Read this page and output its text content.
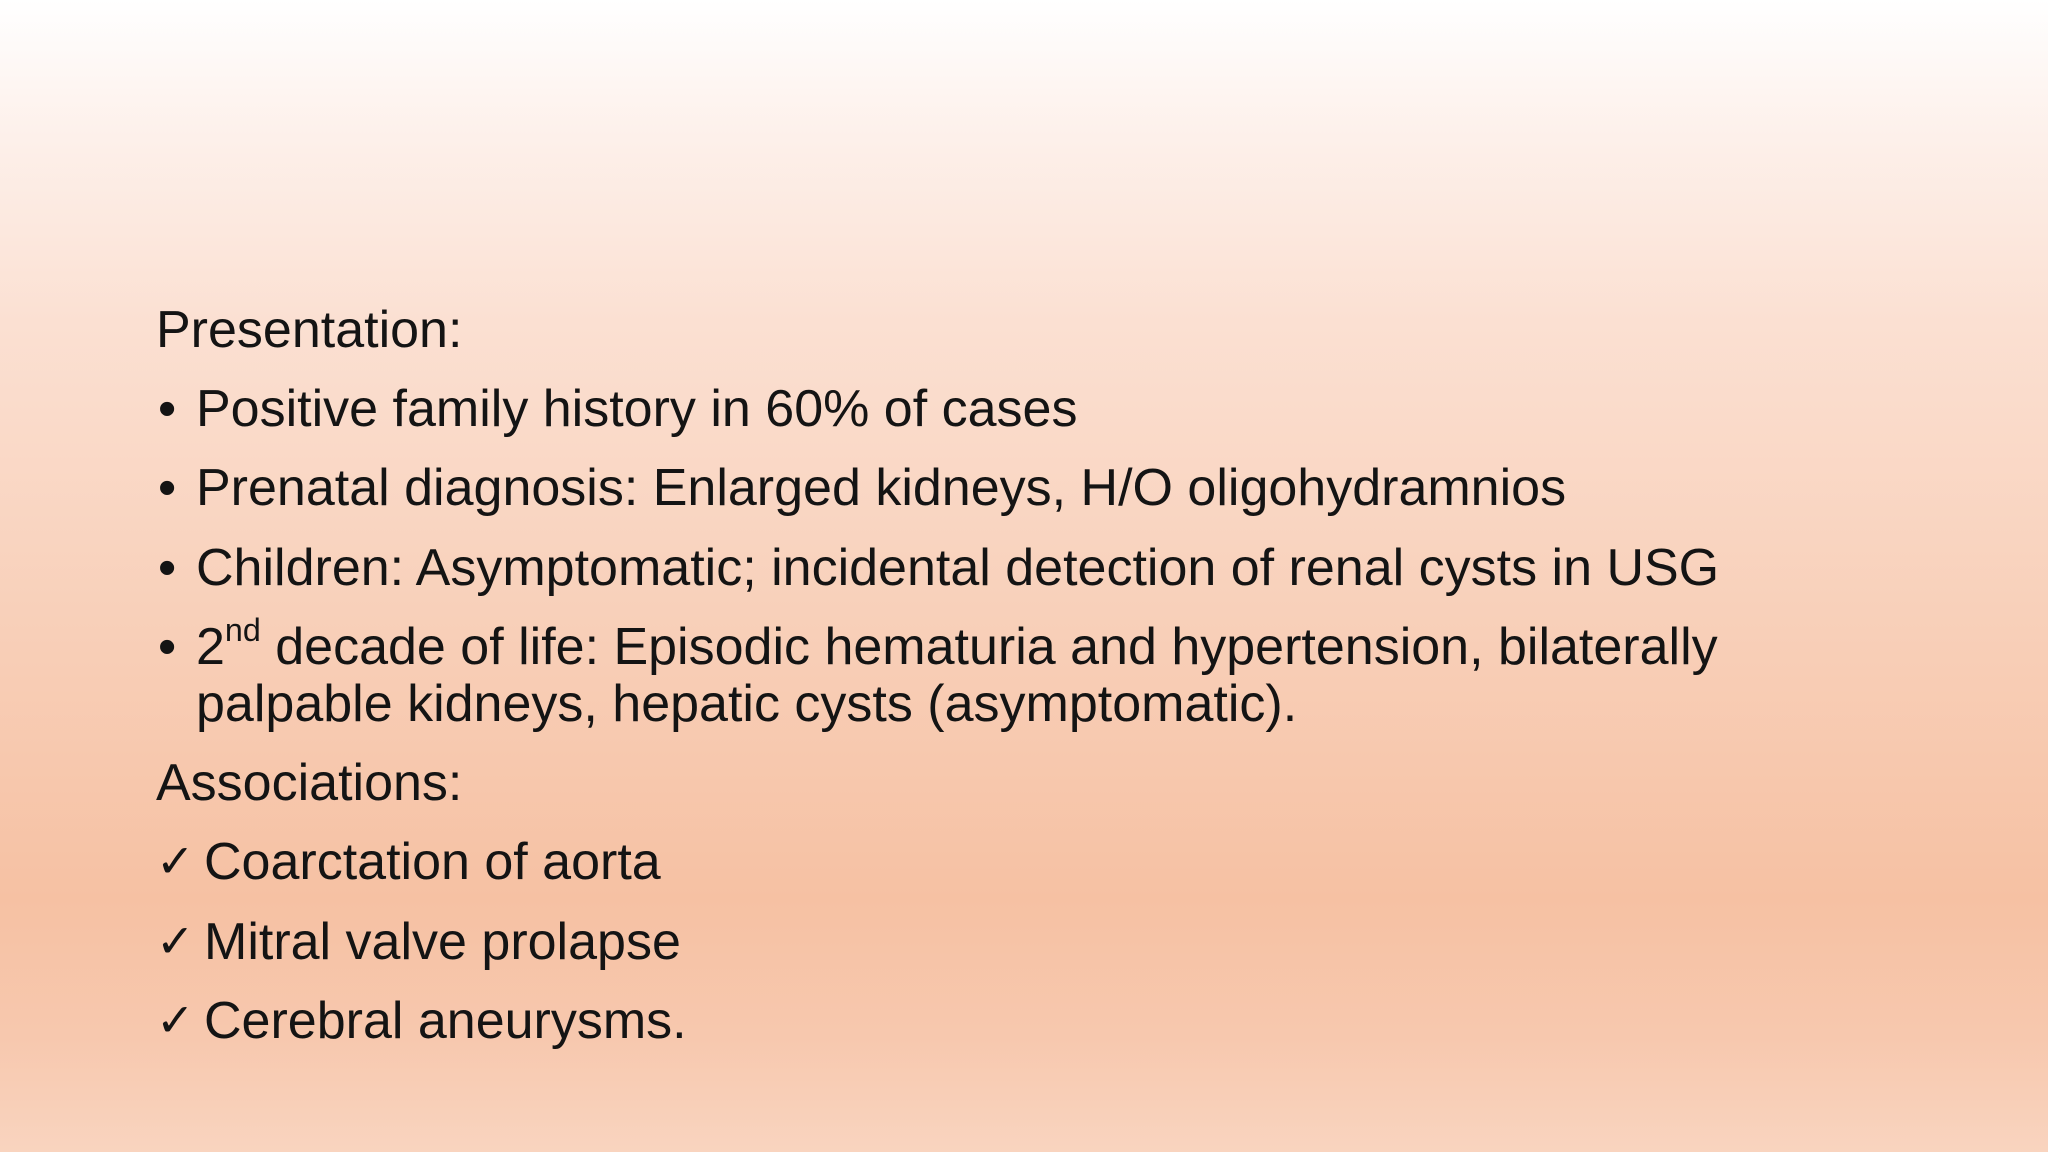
Presentation:
• Positive family history in 60% of cases
• Prenatal diagnosis: Enlarged kidneys, H/O oligohydramnios
• Children: Asymptomatic; incidental detection of renal cysts in USG
• 2nd decade of life: Episodic hematuria and hypertension, bilaterally palpable kidneys, hepatic cysts (asymptomatic).
Associations:
✓ Coarctation of aorta
✓ Mitral valve prolapse
✓ Cerebral aneurysms.
